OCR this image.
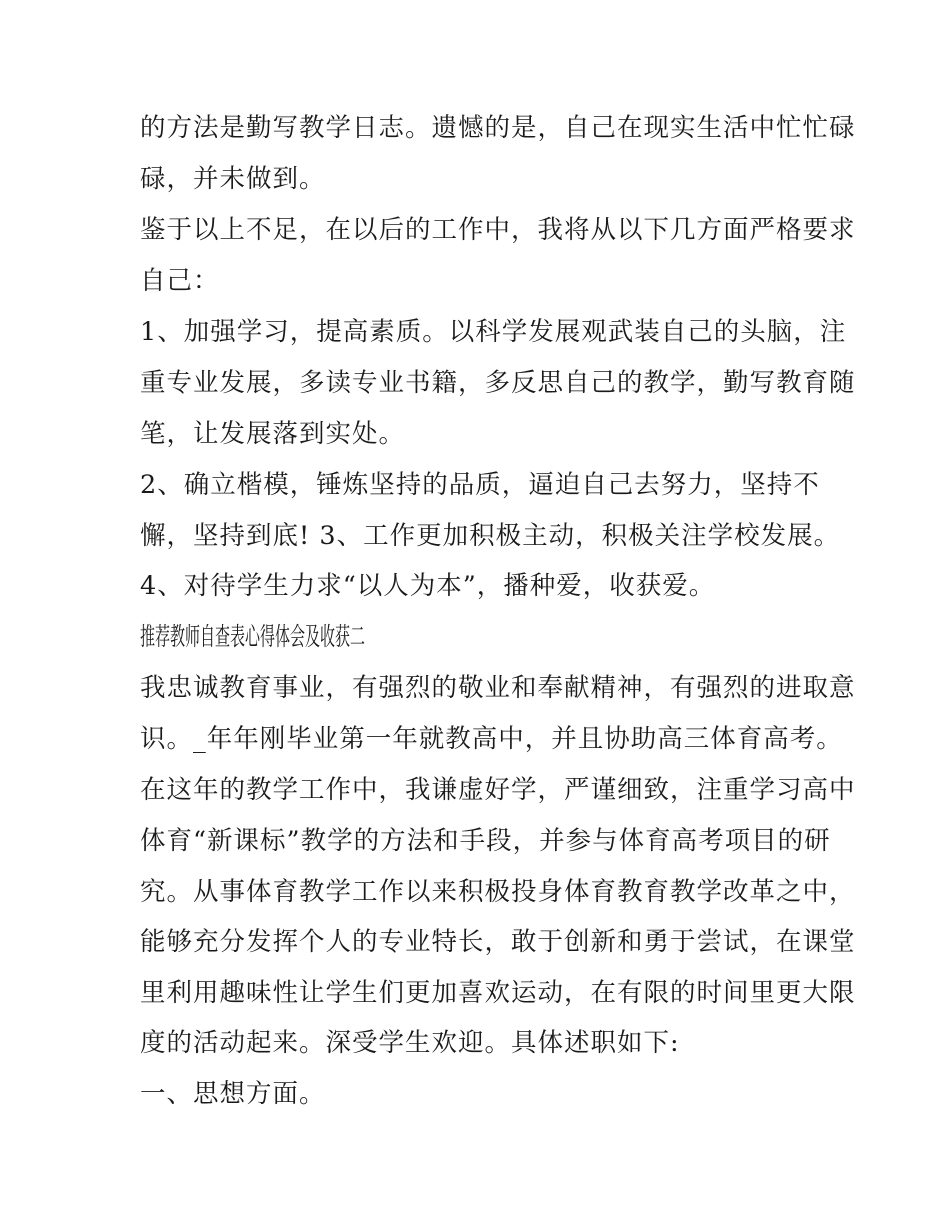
的方法是勤写教学日志。遗憾的是，自己在现实生活中忙忙碌
碌，并未做到。
鉴于以上不足，在以后的工作中，我将从以下几方面严格要求
自己：
1、加强学习，提高素质。以科学发展观武装自己的头脑，注
重专业发展，多读专业书籍，多反思自己的教学，勤写教育随
笔，让发展落到实处。
2、确立楷模，锤炼坚持的品质，逼迫自己去努力，坚持不
懈，坚持到底! 3、工作更加积极主动，积极关注学校发展。
4、对待学生力求“以人为本”，播种爱，收获爱。
推荐教师自查表心得体会及收获二
我忠诚教育事业，有强烈的敬业和奉献精神，有强烈的进取意
识。_年年刚毕业第一年就教高中，并且协助高三体育高考。
在这年的教学工作中，我谦虚好学，严谨细致，注重学习高中
体育“新课标”教学的方法和手段，并参与体育高考项目的研
究。从事体育教学工作以来积极投身体育教育教学改革之中，
能够充分发挥个人的专业特长，敢于创新和勇于尝试，在课堂
里利用趣味性让学生们更加喜欢运动，在有限的时间里更大限
度的活动起来。深受学生欢迎。具体述职如下:
一、思想方面。
